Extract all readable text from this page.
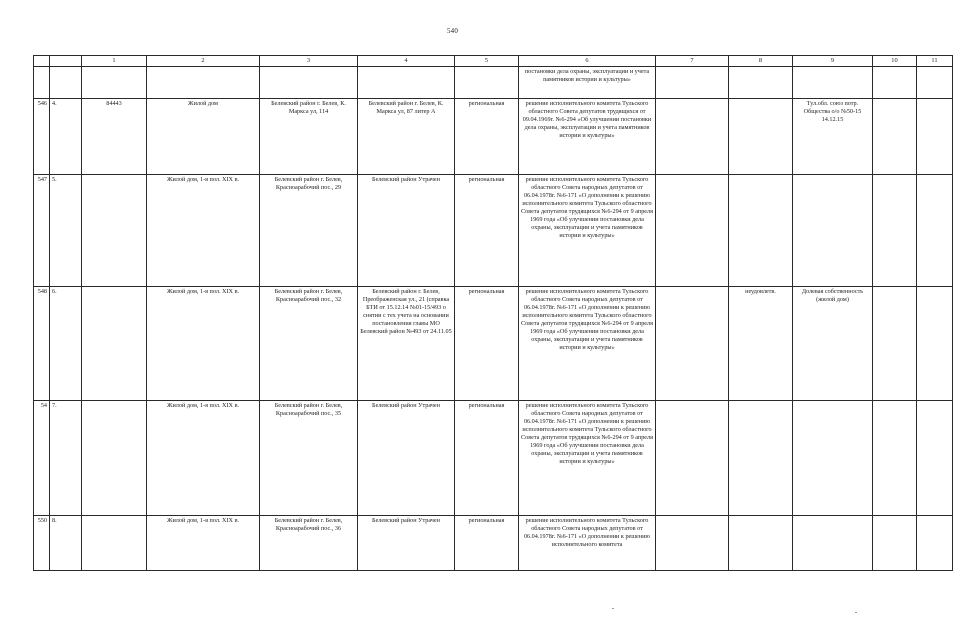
540
		1	2	3	4	5	6	7	8	9	10	11
							постановки дела охраны, эксплуатации и учета памятников истории и культуры»					
546	4.	84443	Жилой дом	Белевский район г. Белев, К. Маркса ул, 114	Белевский район г. Белев, К. Маркса ул, 87 литер А	региональная	решение исполнительного комитета Тульского областного Совета депутатов трудящихся от 09.04.1969г. №6-294 «Об улучшении постановки дела охраны, эксплуатации и учета памятников истории и культуры»			Тул.обл. союз потр. Общества о/о №50-15 14.12.15		
547	5.		Жилой дом, 1-я пол. XIX в.	Белевский район г. Белев, Красноарабочий пос., 29	Белевский район Утрачен	региональная	решение исполнительного комитета Тульского областного Совета народных депутатов от 06.04.1978г. №6-171 «О дополнении к решению исполнительного комитета Тульского областного Совета депутатов трудящихся №6-294 от 9 апреля 1969 года «Об улучшении постановки дела охраны, эксплуатации и учета памятников истории и культуры»					
548	6.		Жилой дом, 1-я пол. XIX в.	Белевский район г. Белев, Красноарабочий пос., 32	Белевский район г. Белев, Преображенская ул., 21 (справка БТИ от 15.12.14 №01-15/493 о снятии с тех учета на основании постановления главы МО Белевский район №493 от 24.11.05	региональная	решение исполнительного комитета Тульского областного Совета народных депутатов от 06.04.1978г. №6-171 «О дополнении к решению исполнительного комитета Тульского областного Совета депутатов трудящихся №6-294 от 9 апреля 1969 года «Об улучшении постановки дела охраны, эксплуатации и учета памятников истории и культуры»		неудовлетв.	Долевая собственность (жилой дом)		
54	7.		Жилой дом, 1-я пол. XIX в.	Белевский район г. Белев, Красноарабочий пос., 35	Белевский район Утрачен	региональная	решение исполнительного комитета Тульского областного Совета народных депутатов от 06.04.1978г. №6-171 «О дополнении к решению исполнительного комитета Тульского областного Совета депутатов трудящихся №6-294 от 9 апреля 1969 года «Об улучшении постановки дела охраны, эксплуатации и учета памятников истории и культуры»					
550	8.		Жилой дом, 1-я пол. XIX в.	Белевский район г. Белев, Красноарабочий пос., 36	Белевский район Утрачен	региональная	решение исполнительного комитета Тульского областного Совета народных депутатов от 06.04.1978г. №6-171 «О дополнении к решению исполнительного комитета					
